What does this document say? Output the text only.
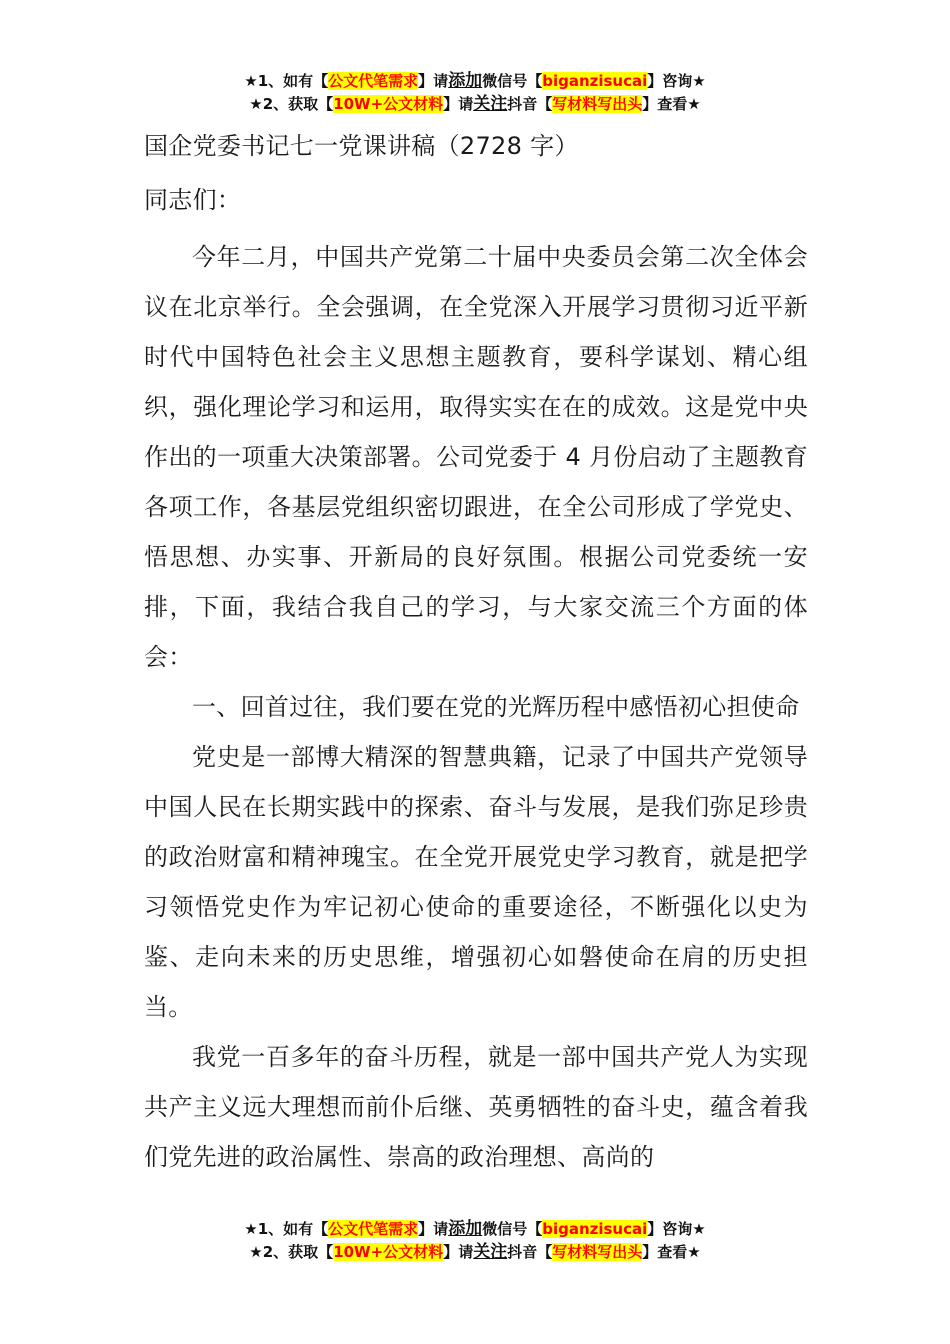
★1、如有【公文代笔需求】请添加微信号【biganzisucai】咨询★
★2、获取【10W+公文材料】请关注抖音【写材料写出头】查看★

国企党委书记七一党课讲稿（2728 字）

同志们：

今年二月，中国共产党第二十届中央委员会第二次全体会议在北京举行。全会强调，在全党深入开展学习贯彻习近平新时代中国特色社会主义思想主题教育，要科学谋划、精心组织，强化理论学习和运用，取得实实在在的成效。这是党中央作出的一项重大决策部署。公司党委于 4 月份启动了主题教育各项工作，各基层党组织密切跟进，在全公司形成了学党史、悟思想、办实事、开新局的良好氛围。根据公司党委统一安排，下面，我结合我自己的学习，与大家交流三个方面的体会：

一、回首过往，我们要在党的光辉历程中感悟初心担使命

党史是一部博大精深的智慧典籍，记录了中国共产党领导中国人民在长期实践中的探索、奋斗与发展，是我们弥足珍贵的政治财富和精神瑰宝。在全党开展党史学习教育，就是把学习领悟党史作为牢记初心使命的重要途径，不断强化以史为鉴、走向未来的历史思维，增强初心如磐使命在肩的历史担当。

我党一百多年的奋斗历程，就是一部中国共产党人为实现共产主义远大理想而前仆后继、英勇牺牲的奋斗史，蕴含着我们党先进的政治属性、崇高的政治理想、高尚的

★1、如有【公文代笔需求】请添加微信号【biganzisucai】咨询★
★2、获取【10W+公文材料】请关注抖音【写材料写出头】查看★
